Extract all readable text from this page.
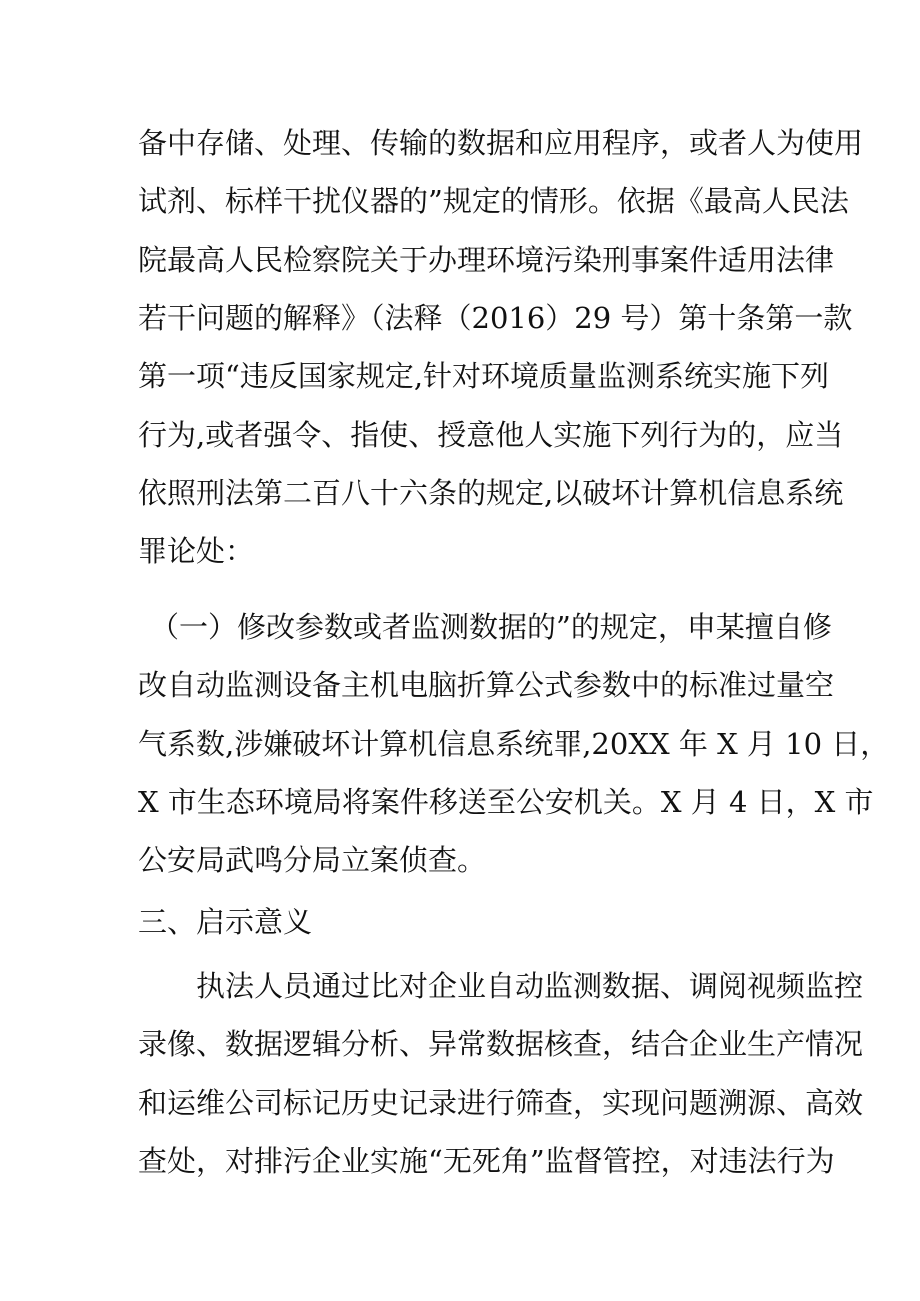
备中存储、处理、传输的数据和应用程序，或者人为使用
试剂、标样干扰仪器的”规定的情形。依据《最高人民法
院最高人民检察院关于办理环境污染刑事案件适用法律
若干问题的解释》（法释（2016）29 号）第十条第一款
第一项“违反国家规定,针对环境质量监测系统实施下列
行为,或者强令、指使、授意他人实施下列行为的，应当
依照刑法第二百八十六条的规定,以破坏计算机信息系统
罪论处：
（一）修改参数或者监测数据的”的规定，申某擅自修
改自动监测设备主机电脑折算公式参数中的标准过量空
气系数,涉嫌破坏计算机信息系统罪,20XX 年 X 月 10 日，
X 市生态环境局将案件移送至公安机关。X 月 4 日，X 市
公安局武鸣分局立案侦查。
三、启示意义
执法人员通过比对企业自动监测数据、调阅视频监控
录像、数据逻辑分析、异常数据核查，结合企业生产情况
和运维公司标记历史记录进行筛查，实现问题溯源、高效
查处，对排污企业实施“无死角”监督管控，对违法行为
